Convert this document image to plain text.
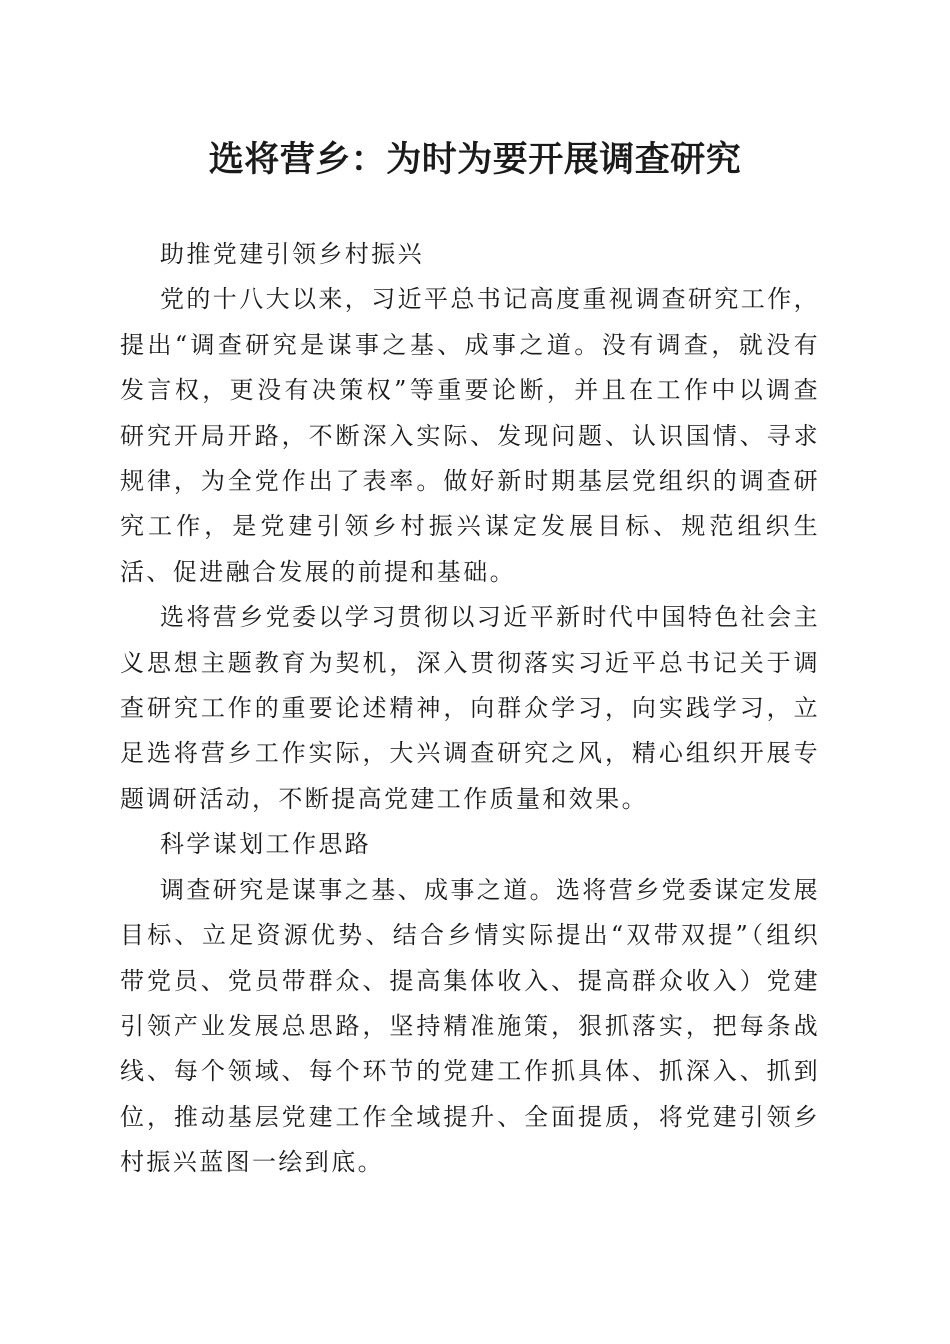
选将营乡：为时为要开展调查研究

助推党建引领乡村振兴

党的十八大以来，习近平总书记高度重视调查研究工作，提出“调查研究是谋事之基、成事之道。没有调查，就没有发言权，更没有决策权”等重要论断，并且在工作中以调查研究开局开路，不断深入实际、发现问题、认识国情、寻求规律，为全党作出了表率。做好新时期基层党组织的调查研究工作，是党建引领乡村振兴谋定发展目标、规范组织生活、促进融合发展的前提和基础。

选将营乡党委以学习贯彻以习近平新时代中国特色社会主义思想主题教育为契机，深入贯彻落实习近平总书记关于调查研究工作的重要论述精神，向群众学习，向实践学习，立足选将营乡工作实际，大兴调查研究之风，精心组织开展专题调研活动，不断提高党建工作质量和效果。

科学谋划工作思路

调查研究是谋事之基、成事之道。选将营乡党委谋定发展目标、立足资源优势、结合乡情实际提出“双带双提”（组织带党员、党员带群众、提高集体收入、提高群众收入）党建引领产业发展总思路，坚持精准施策，狠抓落实，把每条战线、每个领域、每个环节的党建工作抓具体、抓深入、抓到位，推动基层党建工作全域提升、全面提质，将党建引领乡村振兴蓝图一绘到底。
